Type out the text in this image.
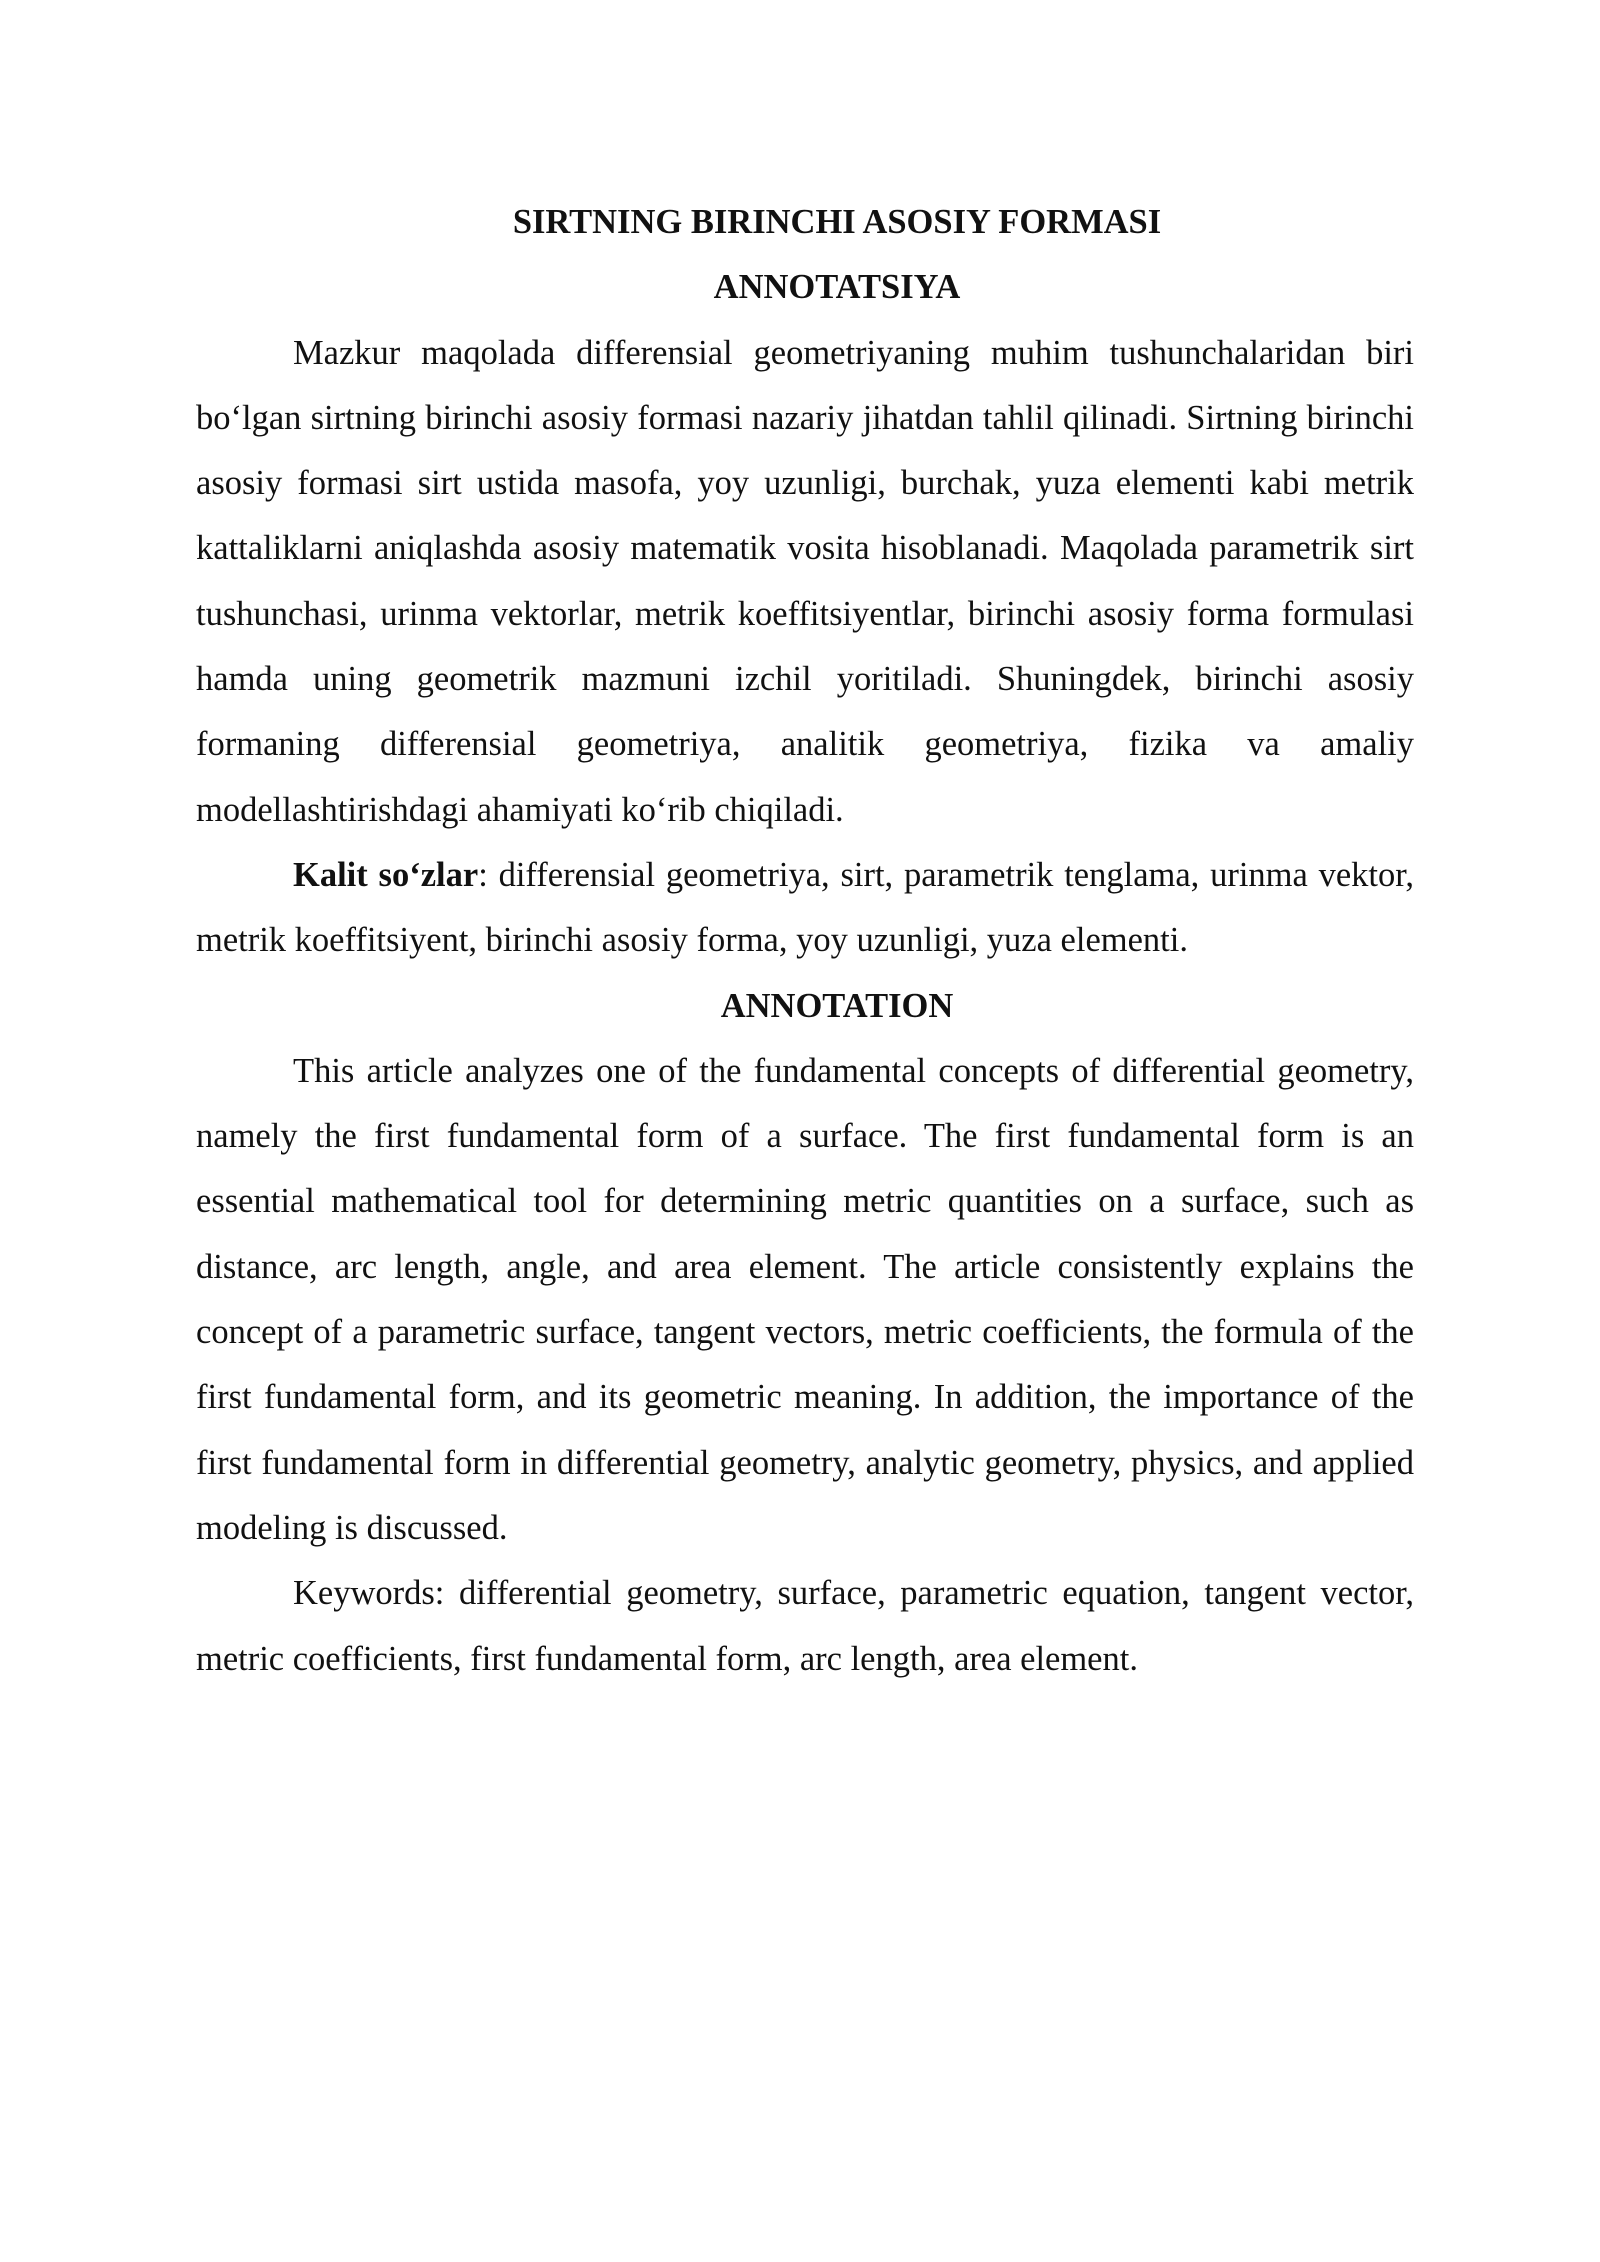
SIRTNING BIRINCHI ASOSIY FORMASI
ANNOTATSIYA

Mazkur maqolada differensial geometriyaning muhim tushunchalaridan biri bo‘lgan sirtning birinchi asosiy formasi nazariy jihatdan tahlil qilinadi. Sirtning birinchi asosiy formasi sirt ustida masofa, yoy uzunligi, burchak, yuza elementi kabi metrik kattaliklarni aniqlashda asosiy matematik vosita hisoblanadi. Maqolada parametrik sirt tushunchasi, urinma vektorlar, metrik koeffitsiyentlar, birinchi asosiy forma formulasi hamda uning geometrik mazmuni izchil yoritiladi. Shuningdek, birinchi asosiy formaning differensial geometriya, analitik geometriya, fizika va amaliy modellashtirishdagi ahamiyati ko‘rib chiqiladi.

Kalit so‘zlar: differensial geometriya, sirt, parametrik tenglama, urinma vektor, metrik koeffitsiyent, birinchi asosiy forma, yoy uzunligi, yuza elementi.

ANNOTATION

This article analyzes one of the fundamental concepts of differential geometry, namely the first fundamental form of a surface. The first fundamental form is an essential mathematical tool for determining metric quantities on a surface, such as distance, arc length, angle, and area element. The article consistently explains the concept of a parametric surface, tangent vectors, metric coefficients, the formula of the first fundamental form, and its geometric meaning. In addition, the importance of the first fundamental form in differential geometry, analytic geometry, physics, and applied modeling is discussed.

Keywords: differential geometry, surface, parametric equation, tangent vector, metric coefficients, first fundamental form, arc length, area element.
